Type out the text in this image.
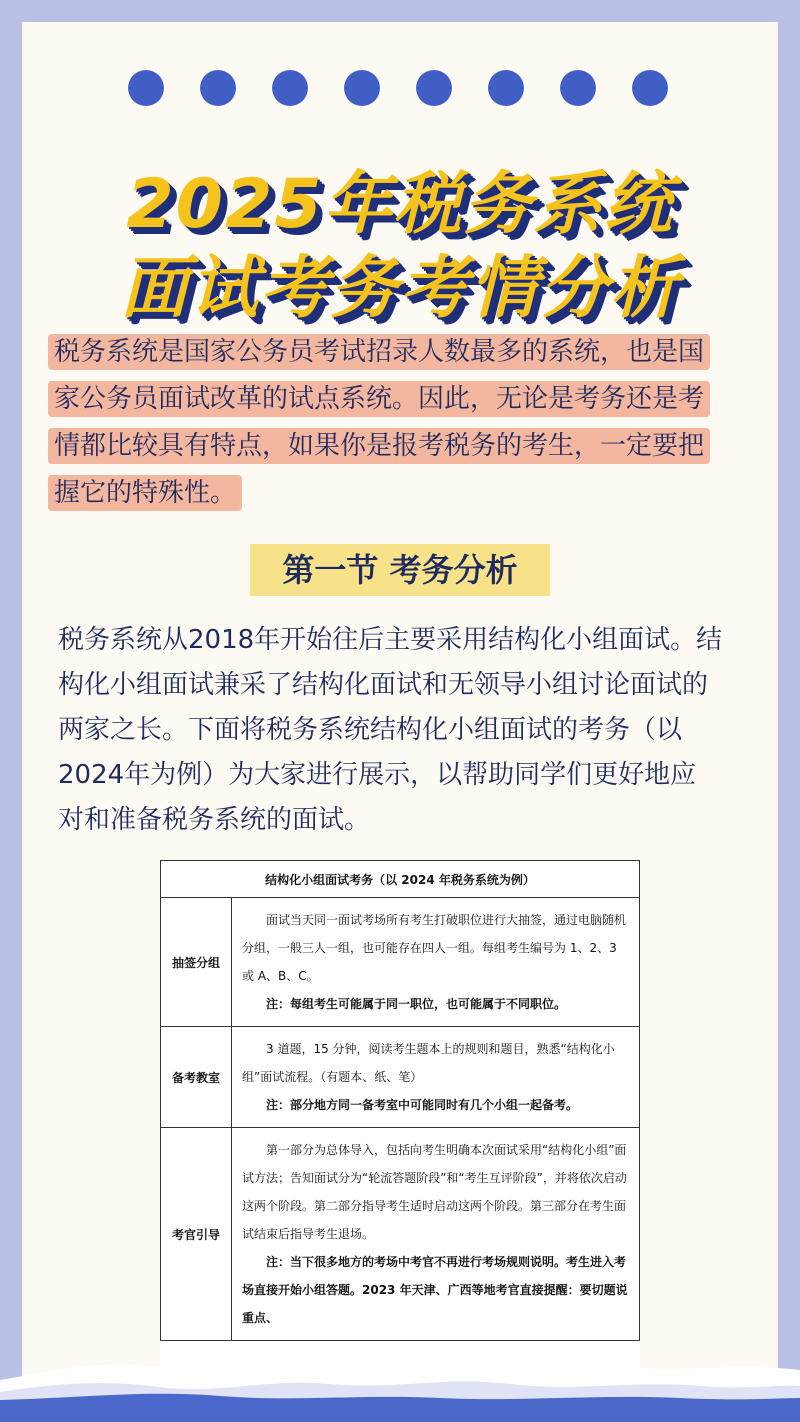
2025年税务系统
面试考务考情分析
税务系统是国家公务员考试招录人数最多的系统，也是国
家公务员面试改革的试点系统。因此，无论是考务还是考
情都比较具有特点，如果你是报考税务的考生，一定要把
握它的特殊性。
第一节 考务分析
税务系统从2018年开始往后主要采用结构化小组面试。结
构化小组面试兼采了结构化面试和无领导小组讨论面试的
两家之长。下面将税务系统结构化小组面试的考务（以
2024年为例）为大家进行展示，以帮助同学们更好地应
对和准备税务系统的面试。
结构化小组面试考务（以 2024 年税务系统为例）	
抽签分组	面试当天同一面试考场所有考生打破职位进行大抽签，通过电脑随机分组，一般三人一组，也可能存在四人一组。每组考生编号为 1、2、3 或 A、B、C。
注：每组考生可能属于同一职位，也可能属于不同职位。

备考教室	3 道题，15 分钟，阅读考生题本上的规则和题目，熟悉“结构化小组”面试流程。（有题本、纸、笔）
注：部分地方同一备考室中可能同时有几个小组一起备考。

考官引导	第一部分为总体导入，包括向考生明确本次面试采用“结构化小组”面试方法；告知面试分为“轮流答题阶段”和“考生互评阶段”，并将依次启动这两个阶段。第二部分指导考生适时启动这两个阶段。第三部分在考生面试结束后指导考生退场。
注：当下很多地方的考场中考官不再进行考场规则说明。考生进入考场直接开始小组答题。2023 年天津、广西等地考官直接提醒：要切题说重点、
